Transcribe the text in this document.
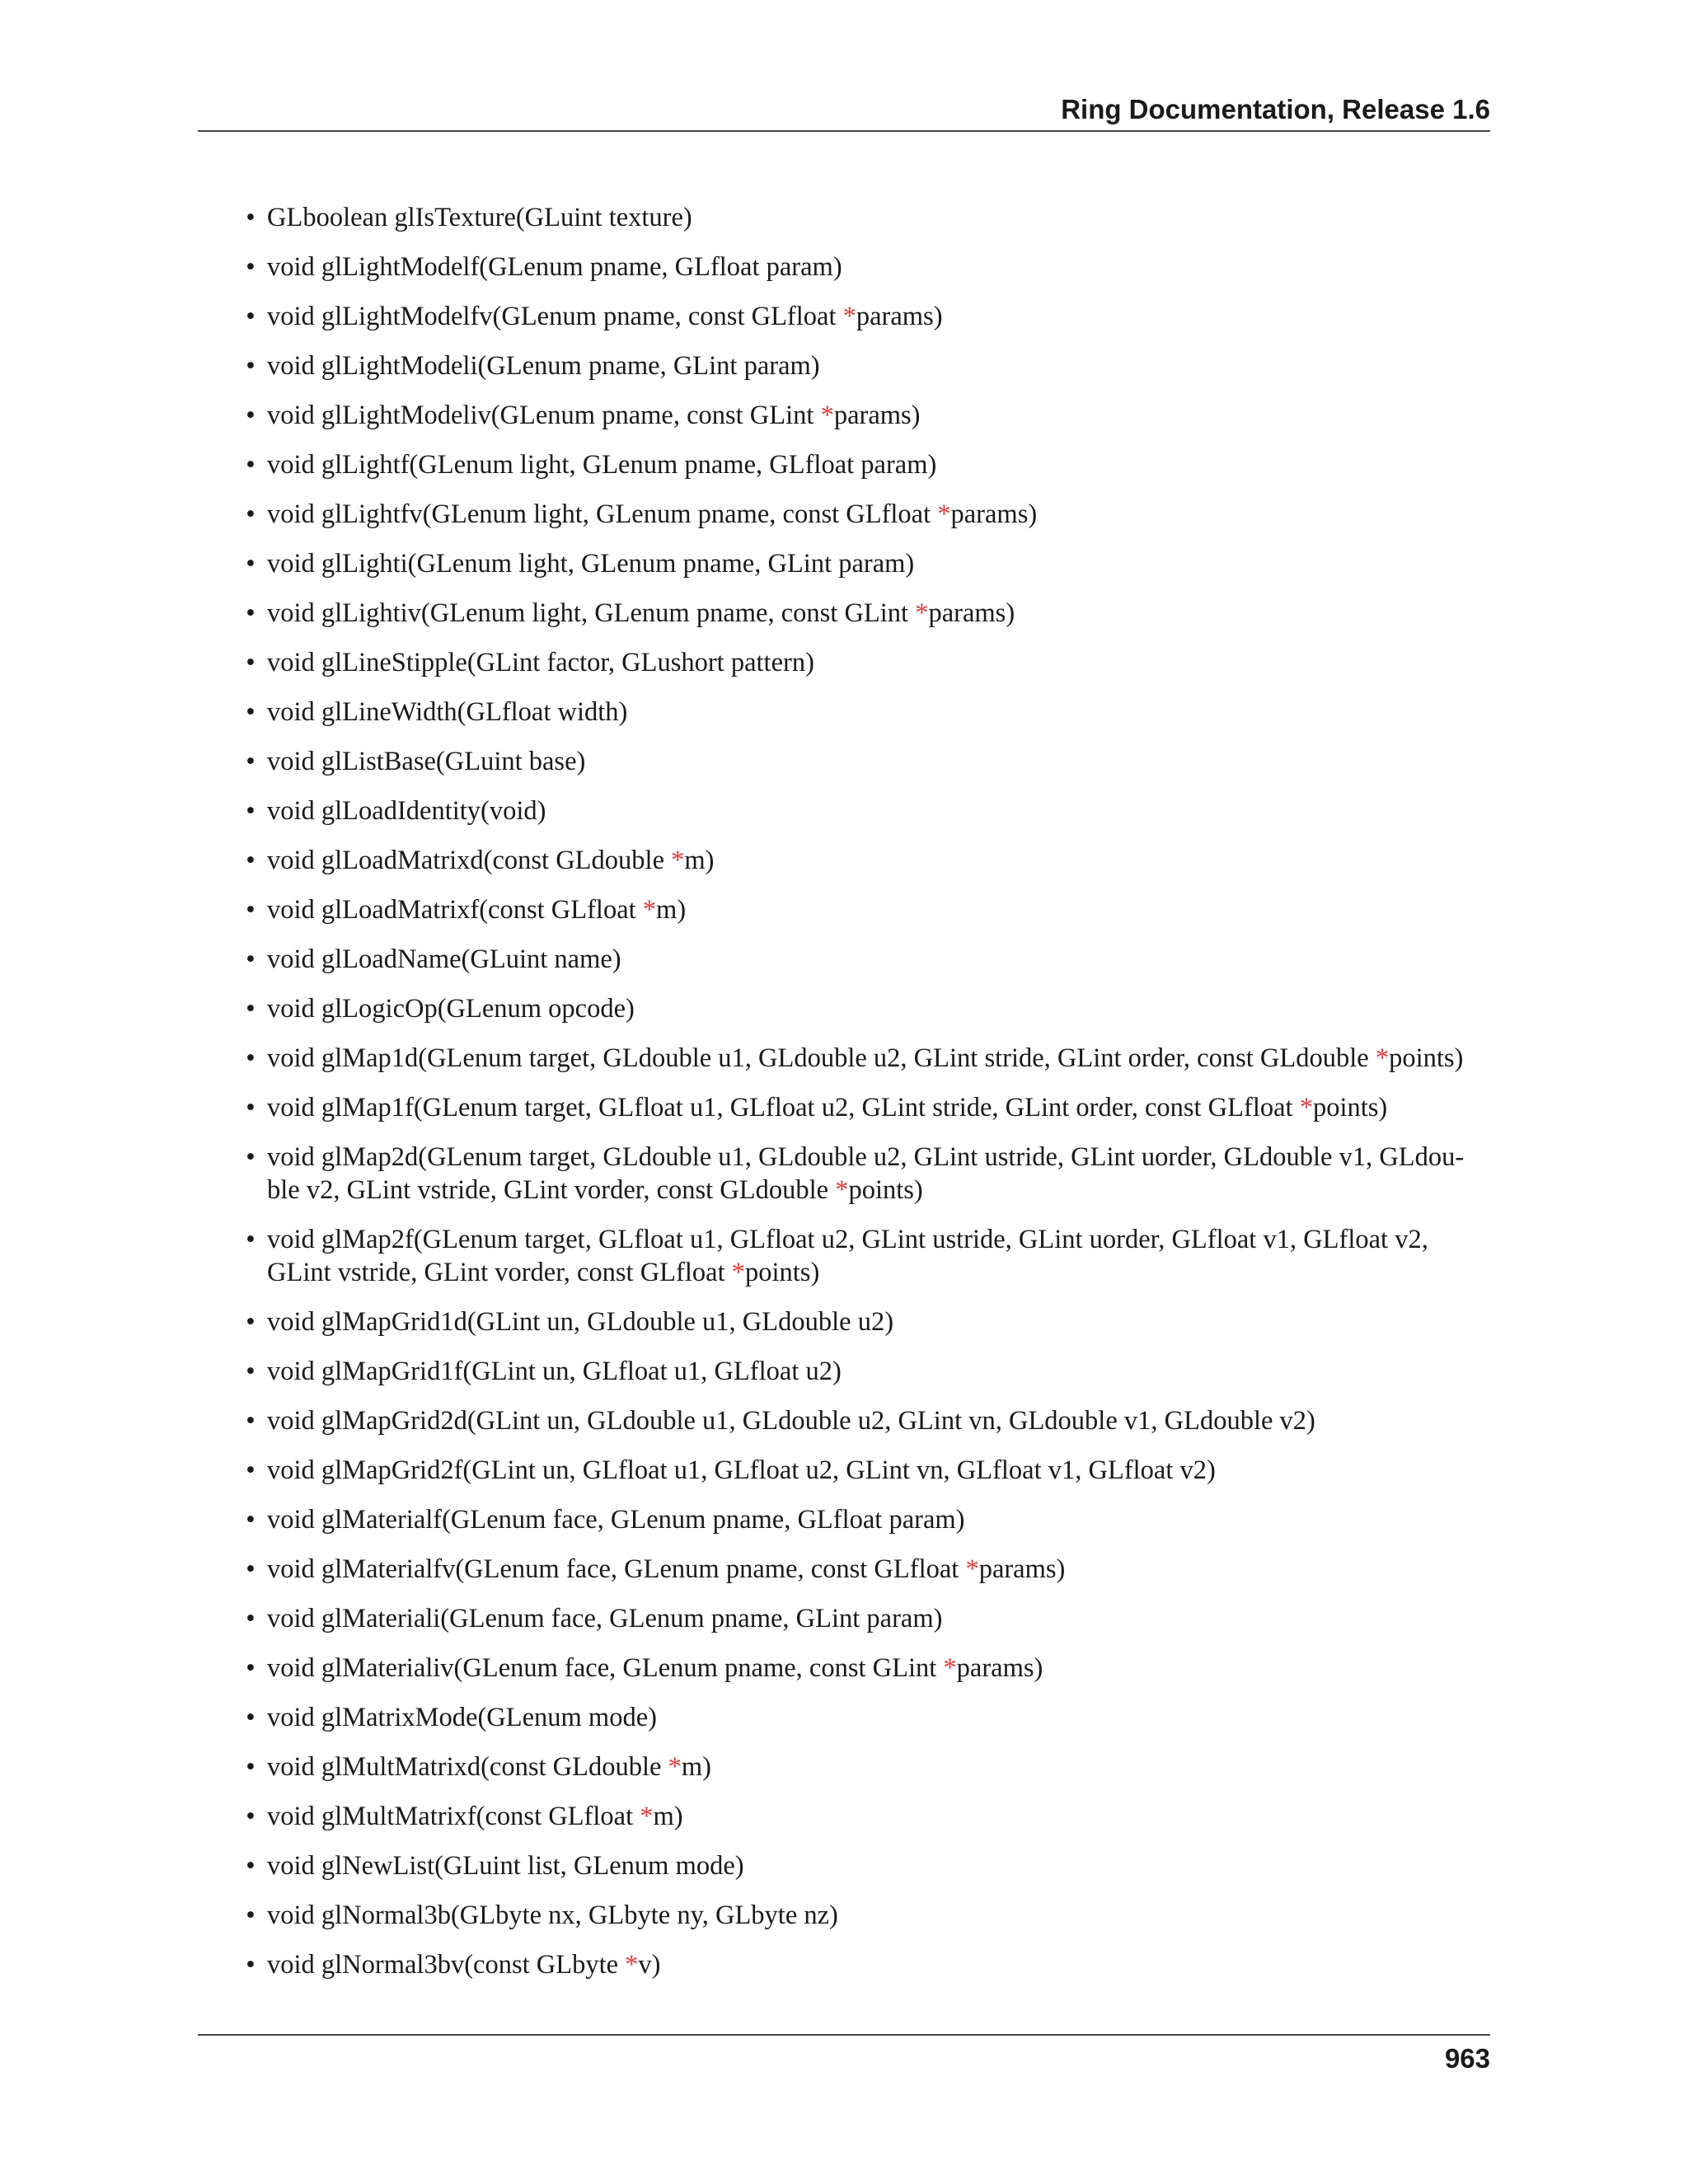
Ring Documentation, Release 1.6
• GLboolean glIsTexture(GLuint texture)
• void glLightModelf(GLenum pname, GLfloat param)
• void glLightModelfv(GLenum pname, const GLfloat *params)
• void glLightModeli(GLenum pname, GLint param)
• void glLightModeliv(GLenum pname, const GLint *params)
• void glLightf(GLenum light, GLenum pname, GLfloat param)
• void glLightfv(GLenum light, GLenum pname, const GLfloat *params)
• void glLighti(GLenum light, GLenum pname, GLint param)
• void glLightiv(GLenum light, GLenum pname, const GLint *params)
• void glLineStipple(GLint factor, GLushort pattern)
• void glLineWidth(GLfloat width)
• void glListBase(GLuint base)
• void glLoadIdentity(void)
• void glLoadMatrixd(const GLdouble *m)
• void glLoadMatrixf(const GLfloat *m)
• void glLoadName(GLuint name)
• void glLogicOp(GLenum opcode)
• void glMap1d(GLenum target, GLdouble u1, GLdouble u2, GLint stride, GLint order, const GLdouble *points)
• void glMap1f(GLenum target, GLfloat u1, GLfloat u2, GLint stride, GLint order, const GLfloat *points)
• void glMap2d(GLenum target, GLdouble u1, GLdouble u2, GLint ustride, GLint uorder, GLdouble v1, GLdou-
ble v2, GLint vstride, GLint vorder, const GLdouble *points)
• void glMap2f(GLenum target, GLfloat u1, GLfloat u2, GLint ustride, GLint uorder, GLfloat v1, GLfloat v2,
GLint vstride, GLint vorder, const GLfloat *points)
• void glMapGrid1d(GLint un, GLdouble u1, GLdouble u2)
• void glMapGrid1f(GLint un, GLfloat u1, GLfloat u2)
• void glMapGrid2d(GLint un, GLdouble u1, GLdouble u2, GLint vn, GLdouble v1, GLdouble v2)
• void glMapGrid2f(GLint un, GLfloat u1, GLfloat u2, GLint vn, GLfloat v1, GLfloat v2)
• void glMaterialf(GLenum face, GLenum pname, GLfloat param)
• void glMaterialfv(GLenum face, GLenum pname, const GLfloat *params)
• void glMateriali(GLenum face, GLenum pname, GLint param)
• void glMaterialiv(GLenum face, GLenum pname, const GLint *params)
• void glMatrixMode(GLenum mode)
• void glMultMatrixd(const GLdouble *m)
• void glMultMatrixf(const GLfloat *m)
• void glNewList(GLuint list, GLenum mode)
• void glNormal3b(GLbyte nx, GLbyte ny, GLbyte nz)
• void glNormal3bv(const GLbyte *v)
963
